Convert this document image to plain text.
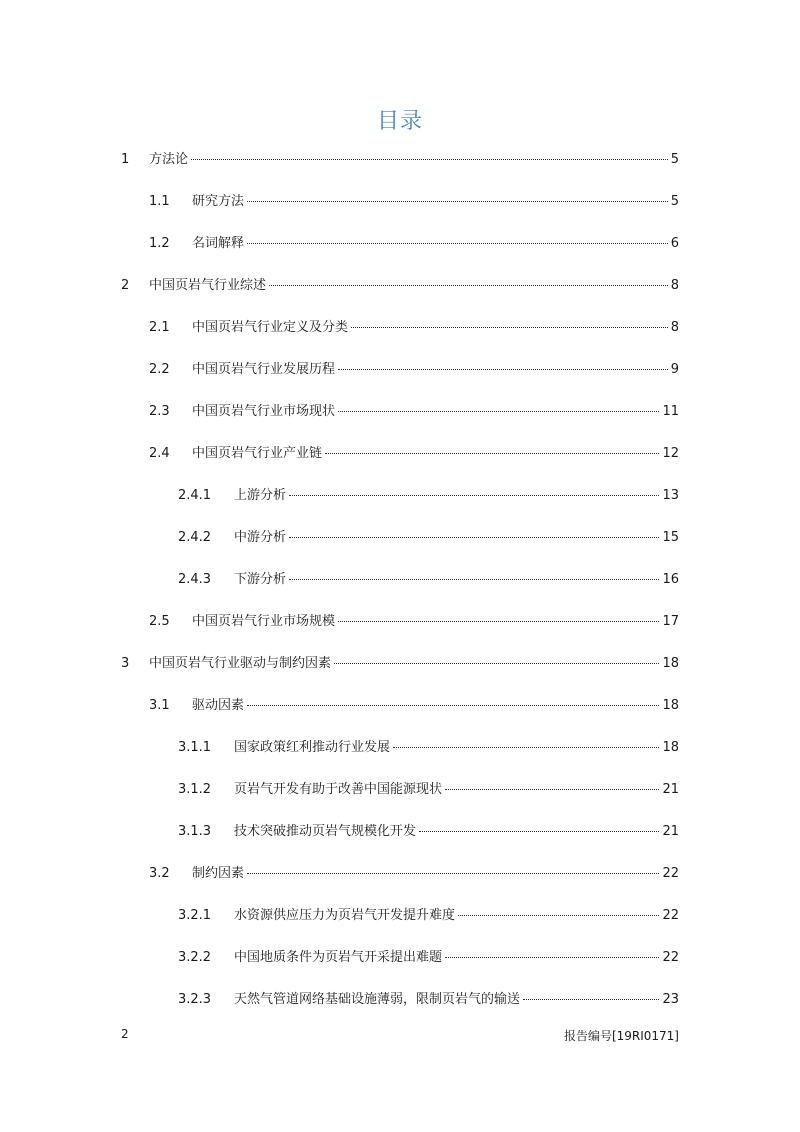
目录
1 方法论	5
1.1 研究方法	5
1.2 名词解释	6
2 中国页岩气行业综述	8
2.1 中国页岩气行业定义及分类	8
2.2 中国页岩气行业发展历程	9
2.3 中国页岩气行业市场现状	11
2.4 中国页岩气行业产业链	12
2.4.1 上游分析	13
2.4.2 中游分析	15
2.4.3 下游分析	16
2.5 中国页岩气行业市场规模	17
3 中国页岩气行业驱动与制约因素	18
3.1 驱动因素	18
3.1.1 国家政策红利推动行业发展	18
3.1.2 页岩气开发有助于改善中国能源现状	21
3.1.3 技术突破推动页岩气规模化开发	21
3.2 制约因素	22
3.2.1 水资源供应压力为页岩气开发提升难度	22
3.2.2 中国地质条件为页岩气开采提出难题	22
3.2.3 天然气管道网络基础设施薄弱，限制页岩气的输送	23
2	报告编号[19RI0171]
